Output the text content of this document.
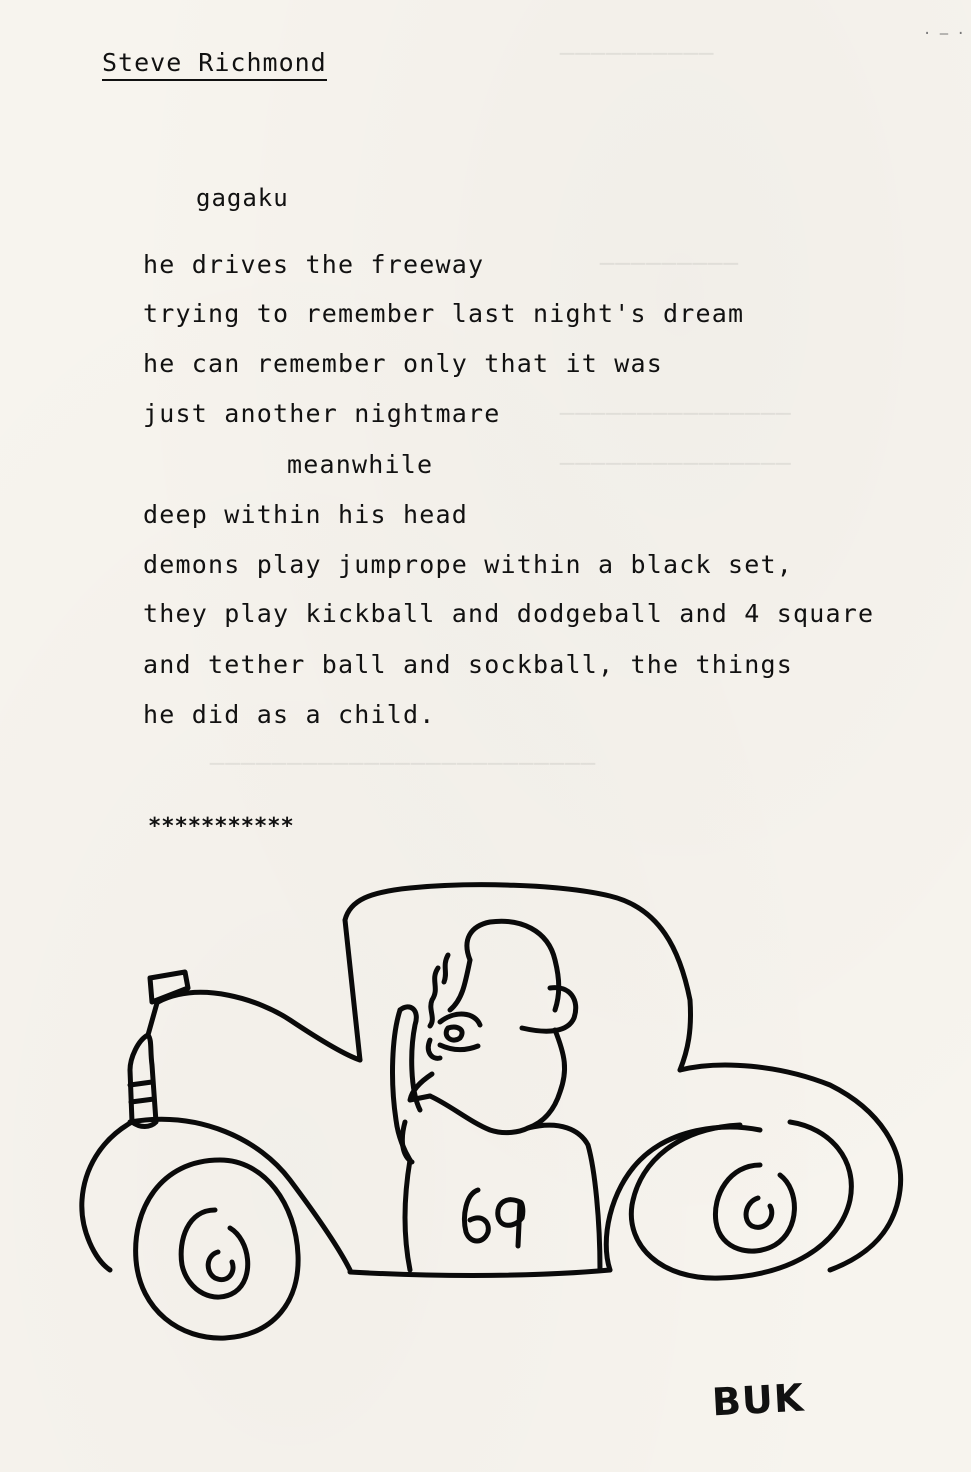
──────────
─────────
───────────────
───────────────
─────────────────────────
· – ·
Steve Richmond
gagaku
he drives the freeway
trying to remember last night's dream
he can remember only that it was
just another nightmare
meanwhile
deep within his head
demons play jumprope within a black set,
they play kickball and dodgeball and 4 square
and tether ball and sockball, the things
he did as a child.
***********
BUK
